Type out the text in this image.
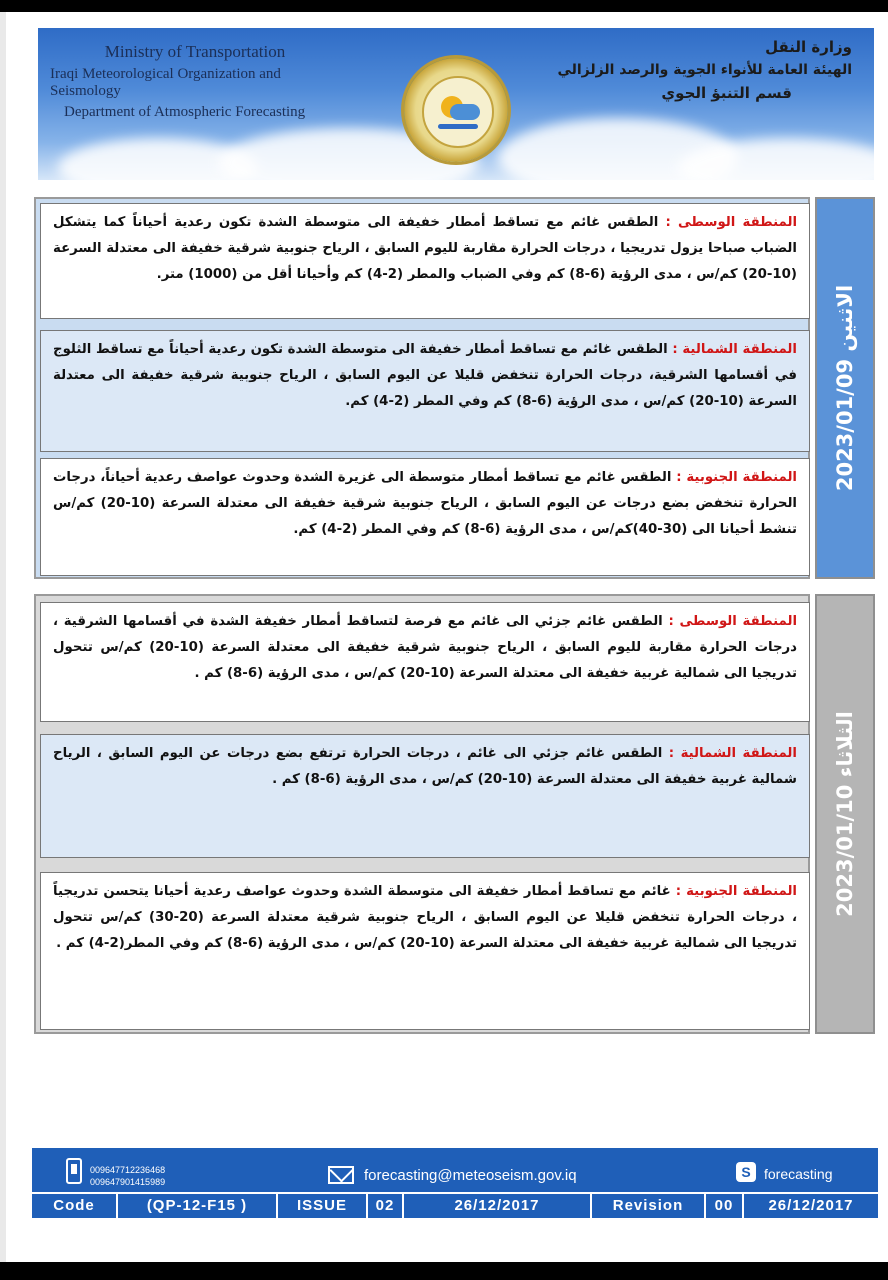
Ministry of Transportation
Iraqi Meteorological Organization and Seismology
Department of Atmospheric Forecasting
وزارة النقل
الهيئة العامة للأنواء الجوية والرصد الزلزالي
قسم التنبؤ الجوي
المنطقة الوسطى : الطقس غائم مع تساقط أمطار خفيفة الى متوسطة الشدة تكون رعدية أحياناً كما يتشكل الضباب صباحا يزول تدريجيا ، درجات الحرارة مقاربة لليوم السابق ، الرياح جنوبية شرقية خفيفة الى معتدلة السرعة (10-20) كم/س ، مدى الرؤية (6-8) كم وفي الضباب والمطر (2-4) كم وأحيانا أقل من (1000) متر.
المنطقة الشمالية : الطقس غائم مع تساقط أمطار خفيفة الى متوسطة الشدة تكون رعدية أحياناً مع تساقط الثلوج في أقسامها الشرقية، درجات الحرارة تنخفض قليلا عن اليوم السابق ، الرياح جنوبية شرقية خفيفة الى معتدلة السرعة (10-20) كم/س ، مدى الرؤية (6-8) كم وفي المطر (2-4) كم.
المنطقة الجنوبية : الطقس غائم مع تساقط أمطار متوسطة الى غزيرة الشدة وحدوث عواصف رعدية أحياناً، درجات الحرارة تنخفض بضع درجات عن اليوم السابق ، الرياح جنوبية شرقية خفيفة الى معتدلة السرعة (10-20) كم/س تنشط أحيانا الى (30-40)كم/س ، مدى الرؤية (6-8) كم وفي المطر (2-4) كم.
الاثنين 2023/01/09
المنطقة الوسطى : الطقس غائم جزئي الى غائم مع فرصة لتساقط أمطار خفيفة الشدة في أقسامها الشرقية ، درجات الحرارة مقاربة لليوم السابق ، الرياح جنوبية شرقية خفيفة الى معتدلة السرعة (10-20) كم/س تتحول تدريجيا الى شمالية غربية خفيفة الى معتدلة السرعة (10-20) كم/س ، مدى الرؤية (6-8) كم .
المنطقة الشمالية : الطقس غائم جزئي الى غائم ، درجات الحرارة ترتفع بضع درجات عن اليوم السابق ، الرياح شمالية غربية خفيفة الى معتدلة السرعة (10-20) كم/س ، مدى الرؤية (6-8) كم .
المنطقة الجنوبية : غائم مع تساقط أمطار خفيفة الى متوسطة الشدة وحدوث عواصف رعدية أحيانا يتحسن تدريجياً ، درجات الحرارة تنخفض قليلا عن اليوم السابق ، الرياح جنوبية شرقية معتدلة السرعة (20-30) كم/س تتحول تدريجيا الى شمالية غربية خفيفة الى معتدلة السرعة (10-20) كم/س ، مدى الرؤية (6-8) كم وفي المطر(2-4) كم .
الثلاثاء 2023/01/10
009647712236468
009647901415989	forecasting@meteoseism.gov.iq	S forecasting
Code	(QP-12-F15 )	ISSUE	02	26/12/2017	Revision	00	26/12/2017
